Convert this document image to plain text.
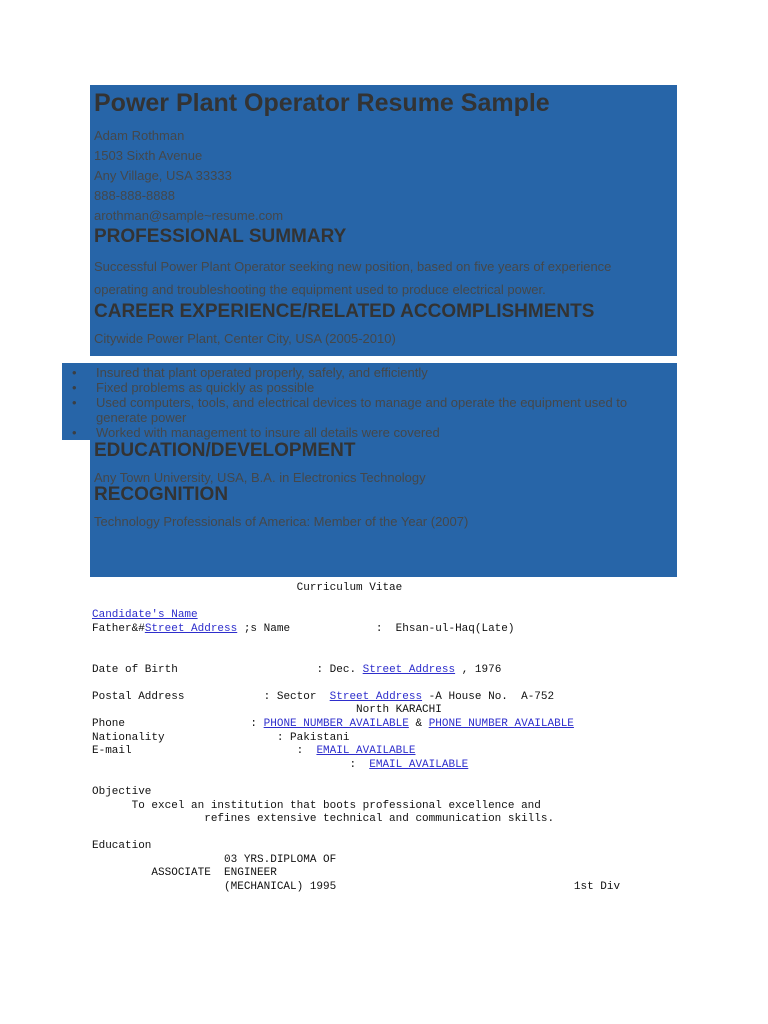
Power Plant Operator Resume Sample

Adam Rothman

1503 Sixth Avenue

Any Village, USA 33333

888-888-8888

arothman@sample~resume.com

PROFESSIONAL SUMMARY

Successful Power Plant Operator seeking new position, based on five years of experience operating and troubleshooting the equipment used to produce electrical power.

CAREER EXPERIENCE/RELATED ACCOMPLISHMENTS

Citywide Power Plant, Center City, USA (2005-2010)

• Insured that plant operated properly, safely, and efficiently
• Fixed problems as quickly as possible
• Used computers, tools, and electrical devices to manage and operate the equipment used to generate power
• Worked with management to insure all details were covered
EDUCATION/DEVELOPMENT

Any Town University, USA, B.A. in Electronics Technology

RECOGNITION

Technology Professionals of America: Member of the Year (2007)

Curriculum Vitae
Candidate's Name
Father&#Street Address ;s Name             :  Ehsan-ul-Haq(Late)
Date of Birth                     : Dec. Street Address , 1976
Postal Address            : Sector  Street Address -A House No.  A-752
North KARACHI
Phone                   : PHONE NUMBER AVAILABLE & PHONE NUMBER AVAILABLE
Nationality                 : Pakistani
E-mail                         :  EMAIL AVAILABLE
:  EMAIL AVAILABLE
Objective
To excel an institution that boots professional excellence and
refines extensive technical and communication skills.
Education
03 YRS.DIPLOMA OF
ASSOCIATE  ENGINEER
(MECHANICAL) 1995                                    1st Div
